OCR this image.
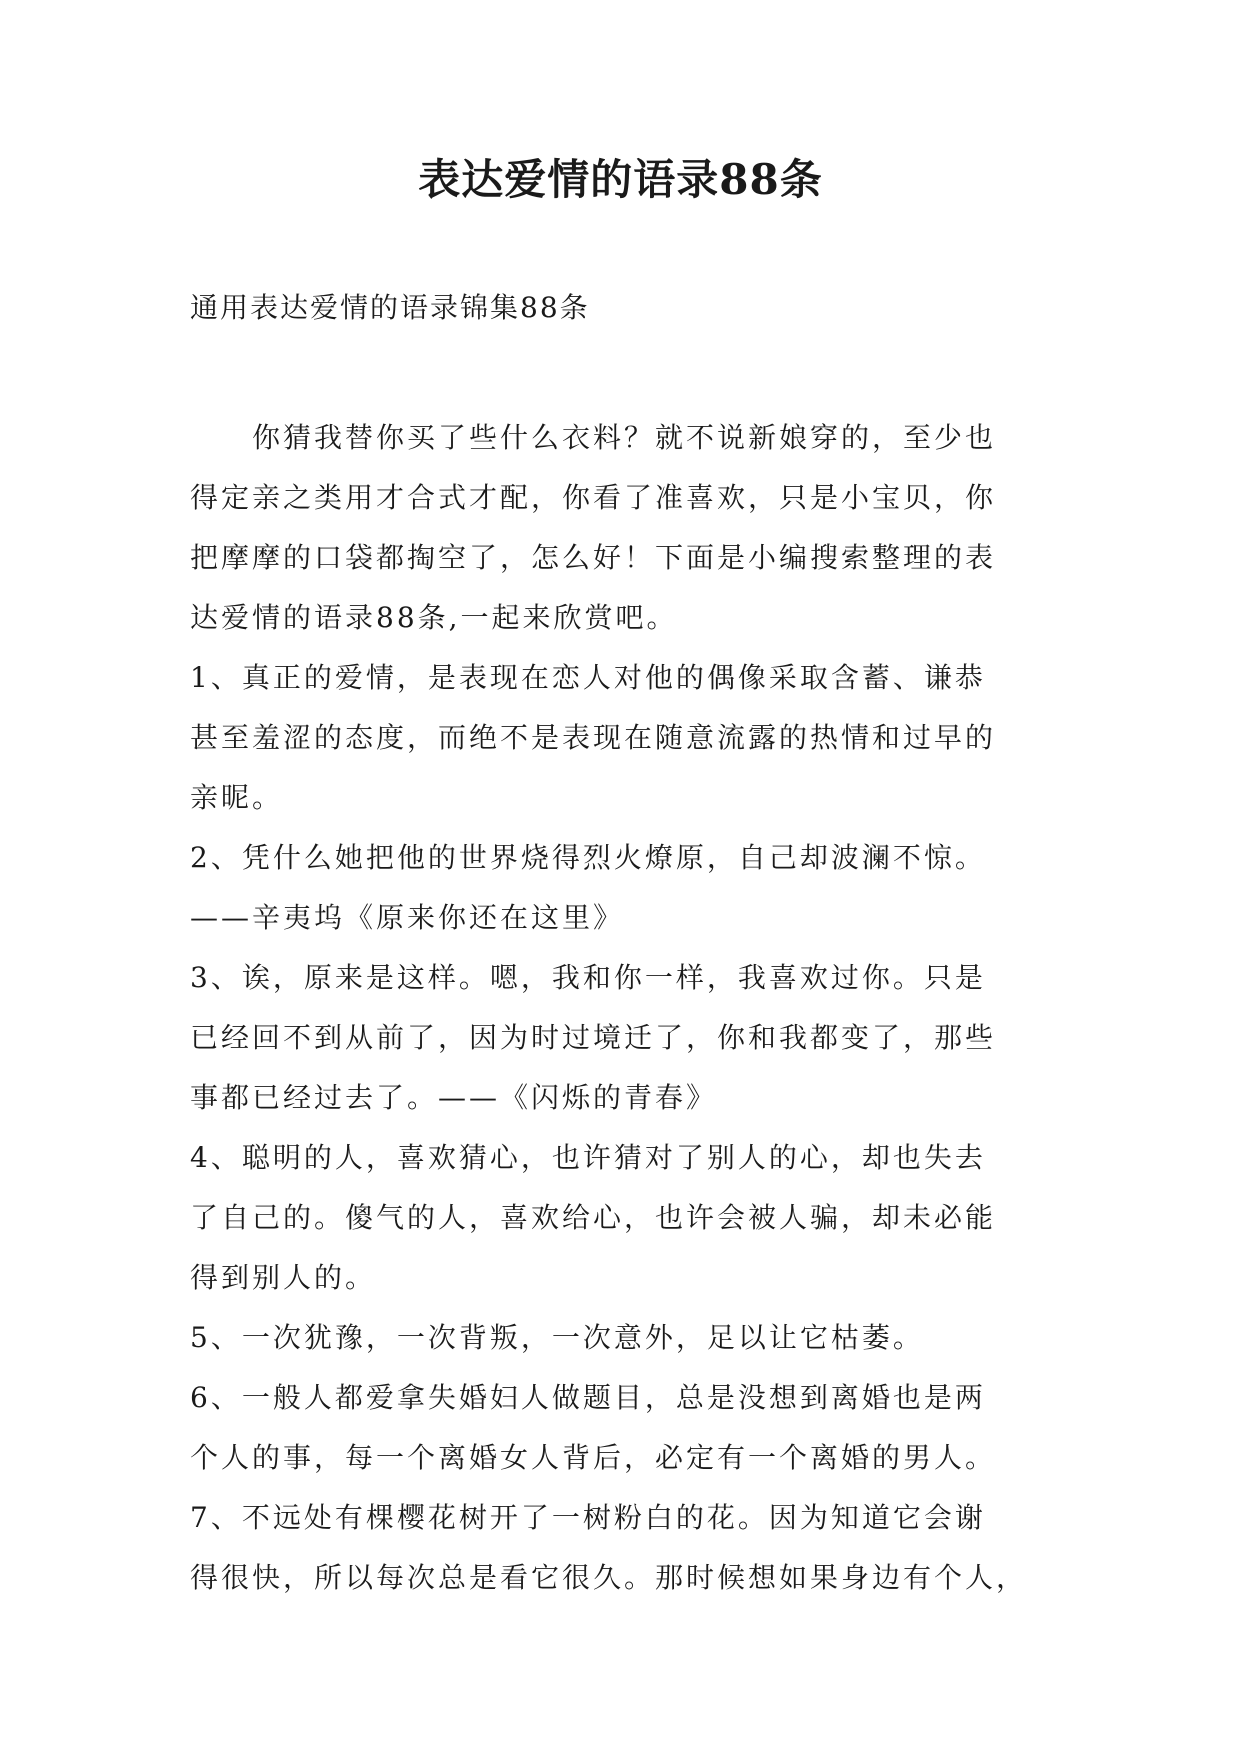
表达爱情的语录88条
通用表达爱情的语录锦集88条
　　你猜我替你买了些什么衣料？就不说新娘穿的，至少也
得定亲之类用才合式才配，你看了准喜欢，只是小宝贝，你
把摩摩的口袋都掏空了，怎么好！下面是小编搜索整理的表
达爱情的语录88条,一起来欣赏吧。
1、真正的爱情，是表现在恋人对他的偶像采取含蓄、谦恭
甚至羞涩的态度，而绝不是表现在随意流露的热情和过早的
亲昵。
2、凭什么她把他的世界烧得烈火燎原，自己却波澜不惊。
——辛夷坞《原来你还在这里》
3、诶，原来是这样。嗯，我和你一样，我喜欢过你。只是
已经回不到从前了，因为时过境迁了，你和我都变了，那些
事都已经过去了。——《闪烁的青春》
4、聪明的人，喜欢猜心，也许猜对了别人的心，却也失去
了自己的。傻气的人，喜欢给心，也许会被人骗，却未必能
得到别人的。
5、一次犹豫，一次背叛，一次意外，足以让它枯萎。
6、一般人都爱拿失婚妇人做题目，总是没想到离婚也是两
个人的事，每一个离婚女人背后，必定有一个离婚的男人。
7、不远处有棵樱花树开了一树粉白的花。因为知道它会谢
得很快，所以每次总是看它很久。那时候想如果身边有个人，
